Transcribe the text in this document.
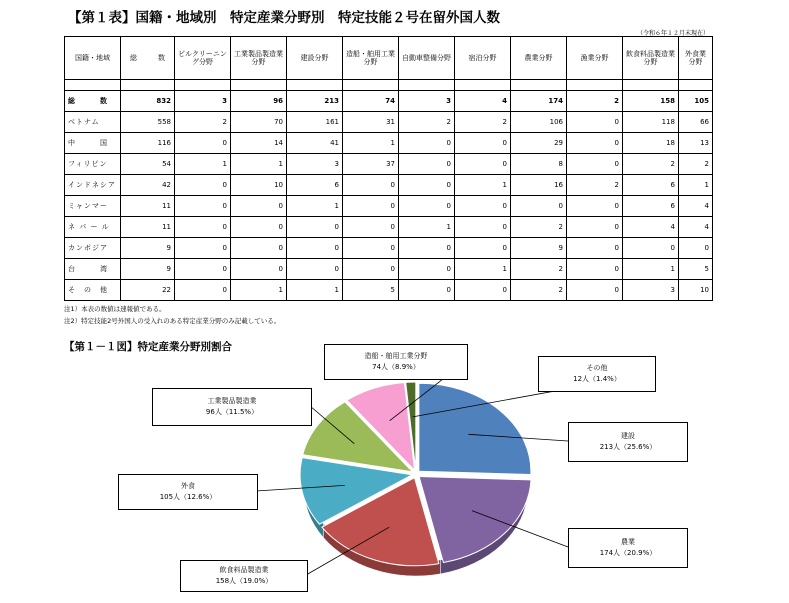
【第１表】国籍・地域別　特定産業分野別　特定技能２号在留外国人数
（令和６年１２月末現在）
国籍・地域	総　　　数	ビルクリーニング分野	工業製品製造業分野	建設分野	造船・舶用工業分野	自動車整備分野	宿泊分野	農業分野	漁業分野	飲食料品製造業分野	外食業分野

総　　　数	832	3	96	213	74	3	4	174	2	158	105
ベトナム	558	2	70	161	31	2	2	106	0	118	66
中　　　国	116	0	14	41	1	0	0	29	0	18	13
フィリピン	54	1	1	3	37	0	0	8	0	2	2
インドネシア	42	0	10	6	0	0	1	16	2	6	1
ミャンマー	11	0	0	1	0	0	0	0	0	6	4
ネ パ ー ル	11	0	0	0	0	1	0	2	0	4	4
カンボジア	9	0	0	0	0	0	0	9	0	0	0
台　　　湾	9	0	0	0	0	0	1	2	0	1	5
そ　の　他	22	0	1	1	5	0	0	2	0	3	10
注1）本表の数値は速報値である。
注2）特定技能2号外国人の受入れのある特定産業分野のみ記載している。
【第１－１図】特定産業分野別割合
建設
213人（25.6%）
農業
174人（20.9%）
飲食料品製造業
158人（19.0%）
外食
105人（12.6%）
工業製品製造業
96人（11.5%）
造船・舶用工業分野
74人（8.9%）	その他
12人（1.4%）
